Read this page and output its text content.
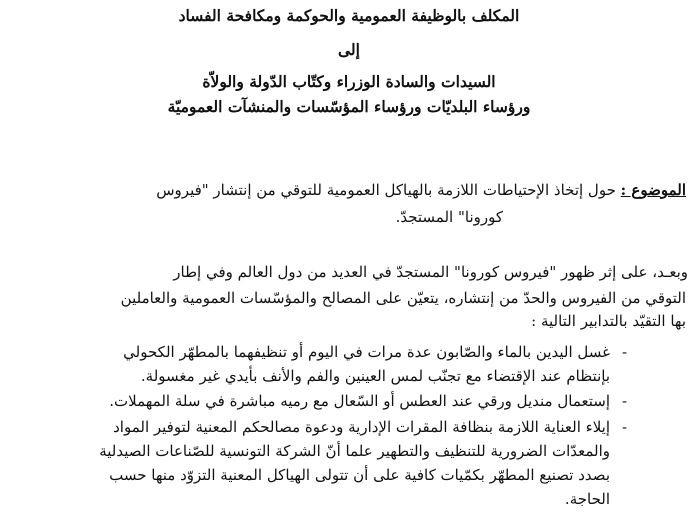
المكلف بالوظيفة العمومية والحوكمة ومكافحة الفساد
إلى
السيدات والسادة الوزراء وكتّاب الدّولة والولاّة
ورؤساء البلديّات ورؤساء المؤسّسات والمنشآت العموميّة
الموضوع : حول إتخاذ الإحتياطات اللازمة بالهياكل العمومية للتوقي من إنتشار "فيروس
كورونا" المستجدّ.
وبعـد، على إثر ظهور "فيروس كورونا" المستجدّ في العديد من دول العالم وفي إطار
التوقي من الفيروس والحدّ من إنتشاره، يتعيّن على المصالح والمؤسّسات العمومية والعاملين
بها التقيّد بالتدابير التالية :
-
غسل اليدين بالماء والصّابون عدة مرات في اليوم أو تنظيفهما بالمطهّر الكحولي
بإنتظام عند الإقتضاء مع تجنّب لمس العينين والفم والأنف بأيدي غير مغسولة.
-
إستعمال منديل ورقي عند العطس أو السّعال مع رميه مباشرة في سلة المهملات.
-
إيلاء العناية اللازمة بنظافة المقرات الإدارية ودعوة مصالحكم المعنية لتوفير المواد
والمعدّات الضرورية للتنظيف والتطهير علما أنّ الشركة التونسية للصّناعات الصيدلية
بصدد تصنيع المطهّر بكمّيات كافية على أن تتولى الهياكل المعنية التزوّد منها حسب
الحاجة.
